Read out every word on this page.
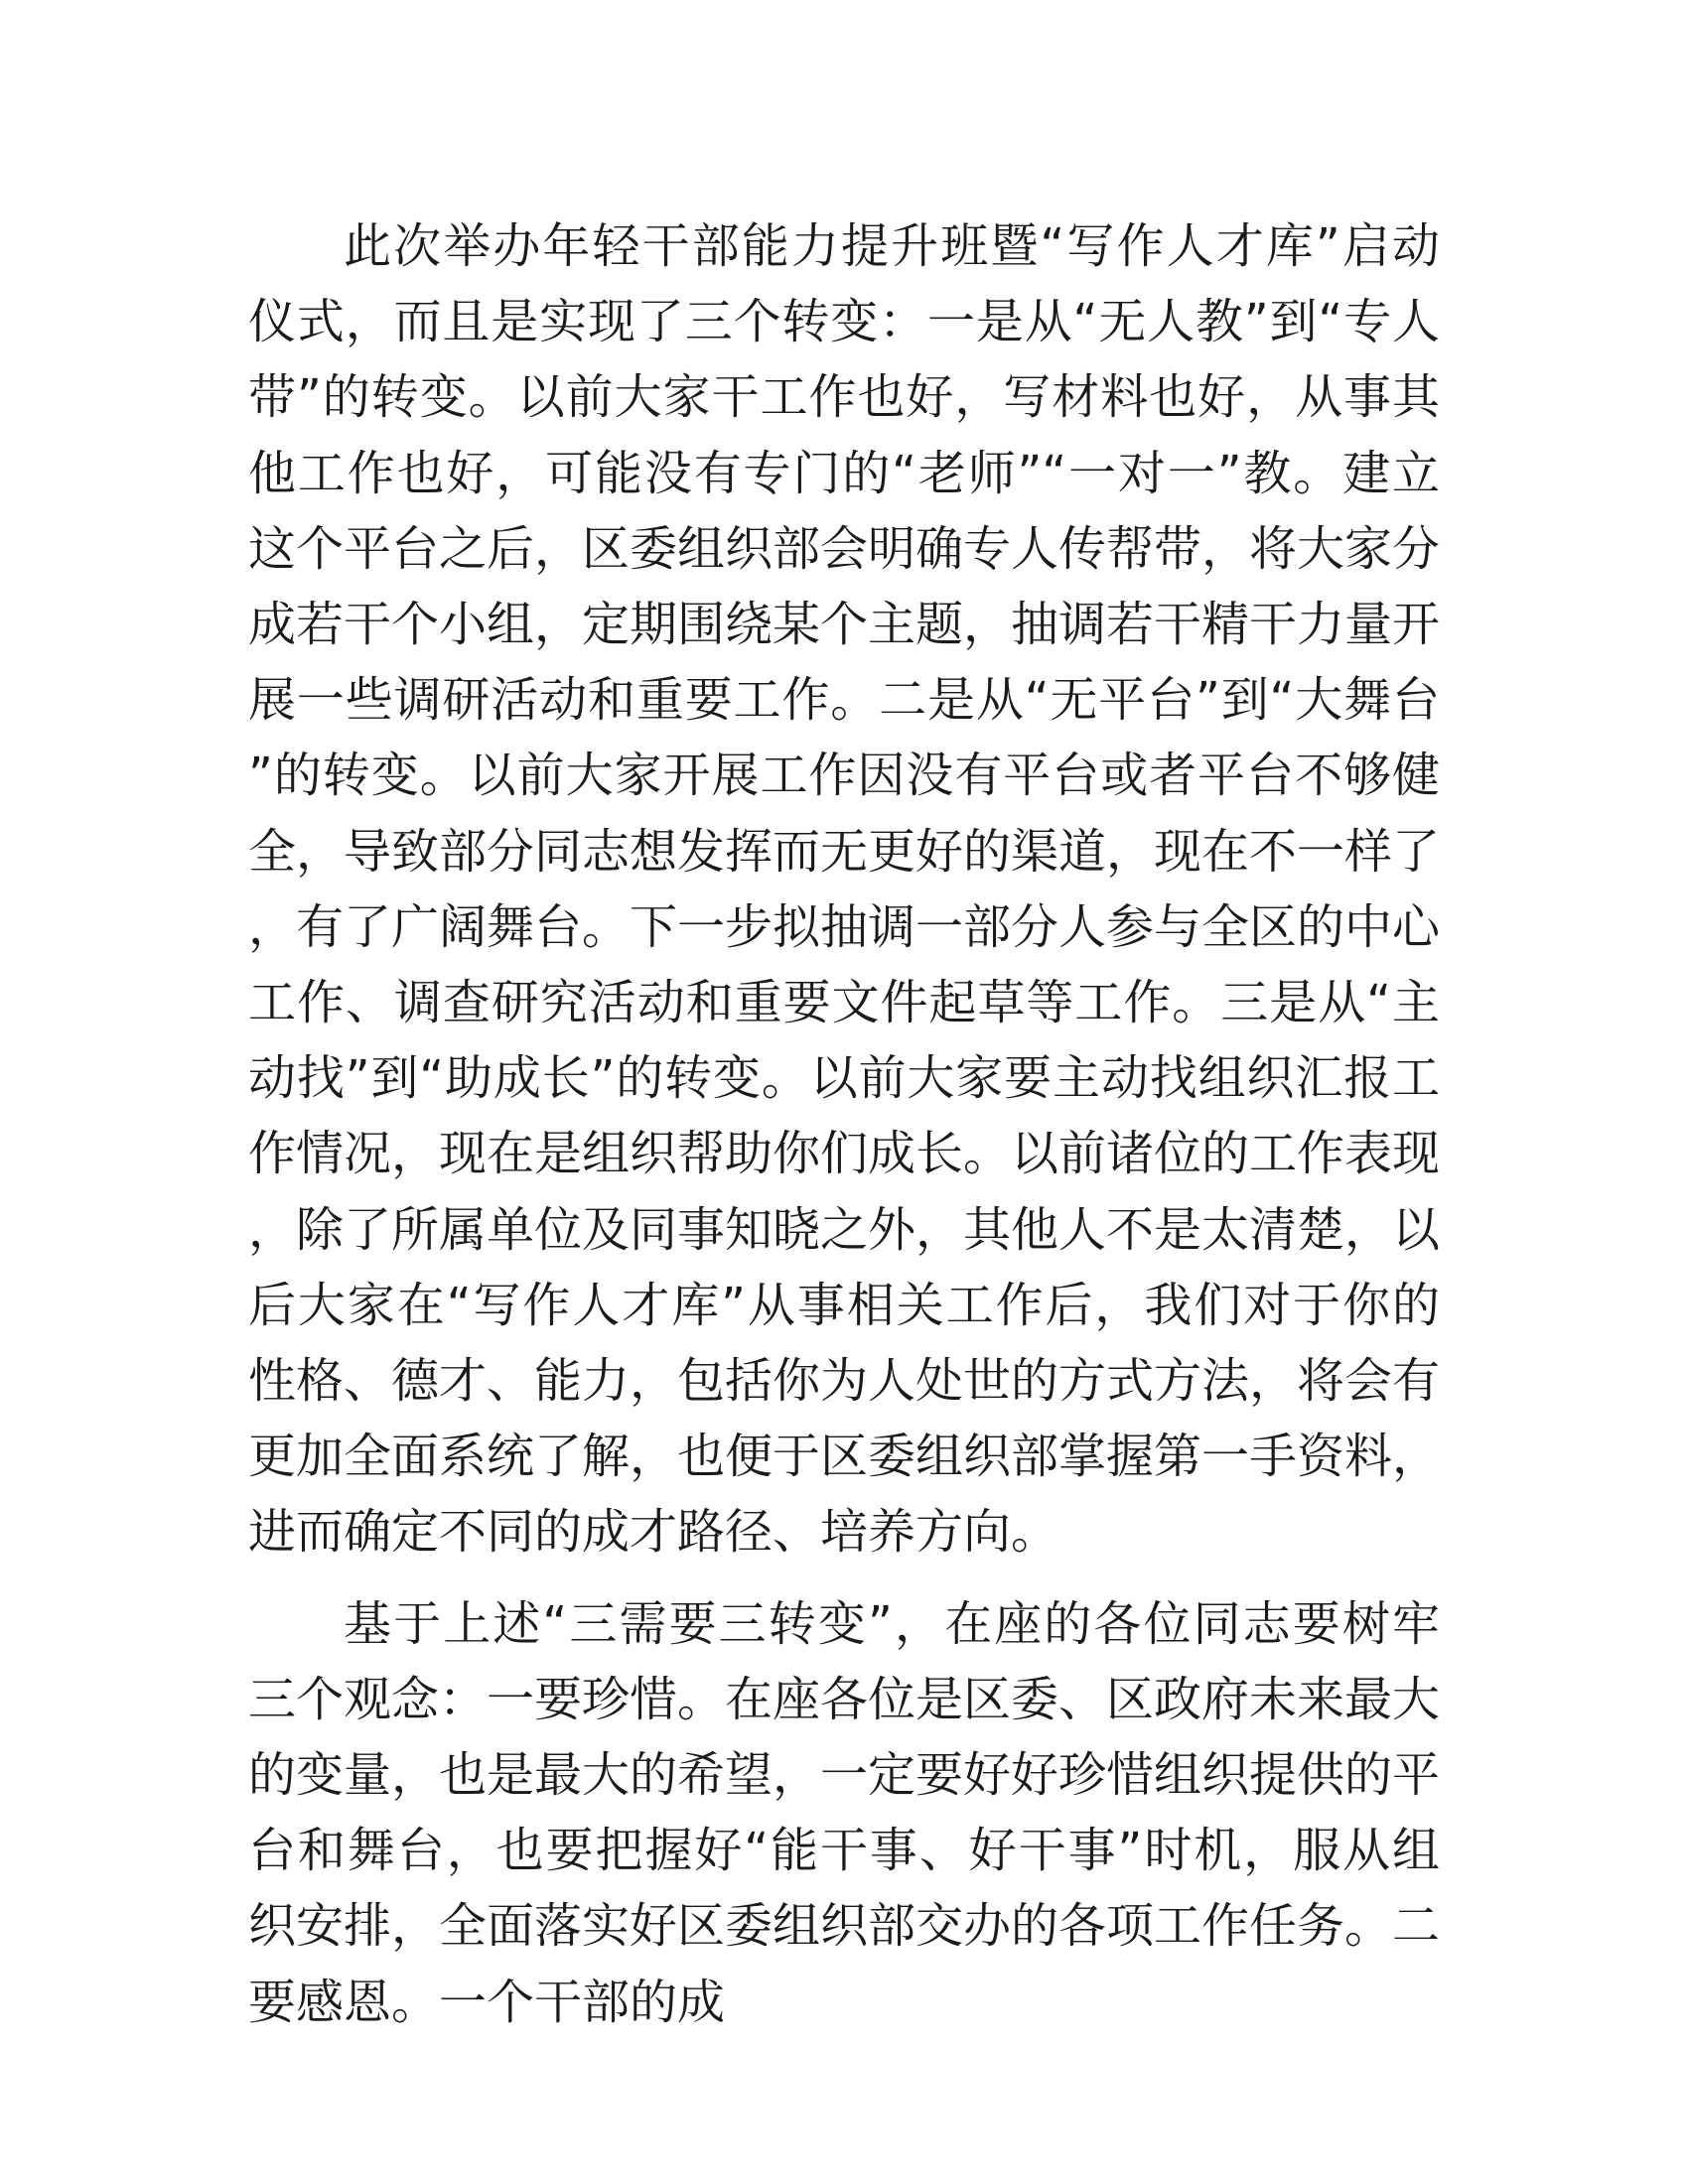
此次举办年轻干部能力提升班暨“写作人才库”启动仪式，而且是实现了三个转变：一是从“无人教”到“专人带”的转变。以前大家干工作也好，写材料也好，从事其他工作也好，可能没有专门的“老师”“一对一”教。建立这个平台之后，区委组织部会明确专人传帮带，将大家分成若干个小组，定期围绕某个主题，抽调若干精干力量开展一些调研活动和重要工作。二是从“无平台”到“大舞台”的转变。以前大家开展工作因没有平台或者平台不够健全，导致部分同志想发挥而无更好的渠道，现在不一样了，有了广阔舞台。下一步拟抽调一部分人参与全区的中心工作、调查研究活动和重要文件起草等工作。三是从“主动找”到“助成长”的转变。以前大家要主动找组织汇报工作情况，现在是组织帮助你们成长。以前诸位的工作表现，除了所属单位及同事知晓之外，其他人不是太清楚，以后大家在“写作人才库”从事相关工作后，我们对于你的性格、德才、能力，包括你为人处世的方式方法，将会有更加全面系统了解，也便于区委组织部掌握第一手资料，进而确定不同的成才路径、培养方向。

基于上述“三需要三转变”，在座的各位同志要树牢三个观念：一要珍惜。在座各位是区委、区政府未来最大的变量，也是最大的希望，一定要好好珍惜组织提供的平台和舞台，也要把握好“能干事、好干事”时机，服从组织安排，全面落实好区委组织部交办的各项工作任务。二要感恩。一个干部的成
